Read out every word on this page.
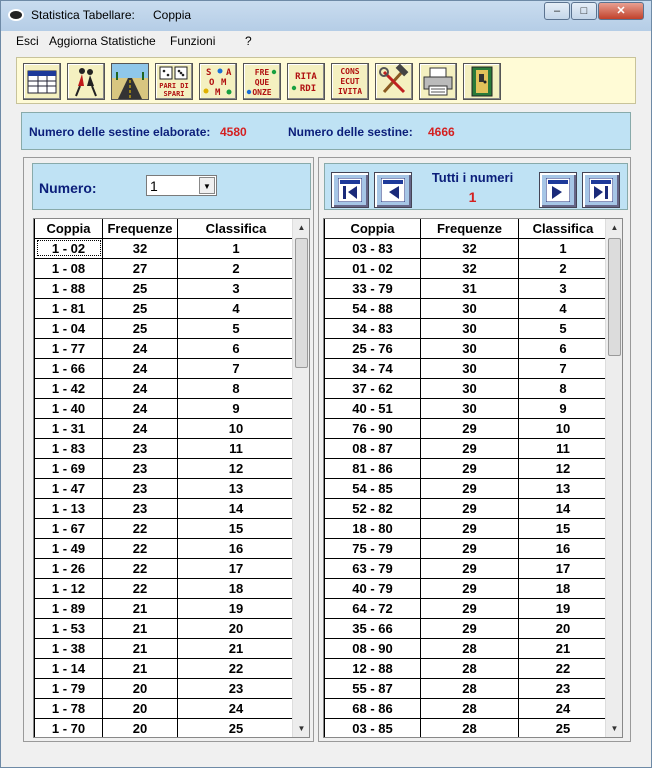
Statistica Tabellare: Coppia	–	□	✕
Esci Aggiorna Statistiche Funzioni ?
PARI DI
SPARI
S A
O M
M
FRE
QUE
ONZE
RITA
RDI
CONS
ECUT
IVITA
Numero delle sestine elaborate: 4580	Numero delle sestine: 4666
Numero:	1	▼
Coppia	Frequenze	Classifica
1 - 02	32	1
1 - 08	27	2
1 - 88	25	3
1 - 81	25	4
1 - 04	25	5
1 - 77	24	6
1 - 66	24	7
1 - 42	24	8
1 - 40	24	9
1 - 31	24	10
1 - 83	23	11
1 - 69	23	12
1 - 47	23	13
1 - 13	23	14
1 - 67	22	15
1 - 49	22	16
1 - 26	22	17
1 - 12	22	18
1 - 89	21	19
1 - 53	21	20
1 - 38	21	21
1 - 14	21	22
1 - 79	20	23
1 - 78	20	24
1 - 70	20	25
▲
▼
Tutti i numeri
1
Coppia	Frequenze	Classifica
03 - 83	32	1
01 - 02	32	2
33 - 79	31	3
54 - 88	30	4
34 - 83	30	5
25 - 76	30	6
34 - 74	30	7
37 - 62	30	8
40 - 51	30	9
76 - 90	29	10
08 - 87	29	11
81 - 86	29	12
54 - 85	29	13
52 - 82	29	14
18 - 80	29	15
75 - 79	29	16
63 - 79	29	17
40 - 79	29	18
64 - 72	29	19
35 - 66	29	20
08 - 90	28	21
12 - 88	28	22
55 - 87	28	23
68 - 86	28	24
03 - 85	28	25
▲
▼
